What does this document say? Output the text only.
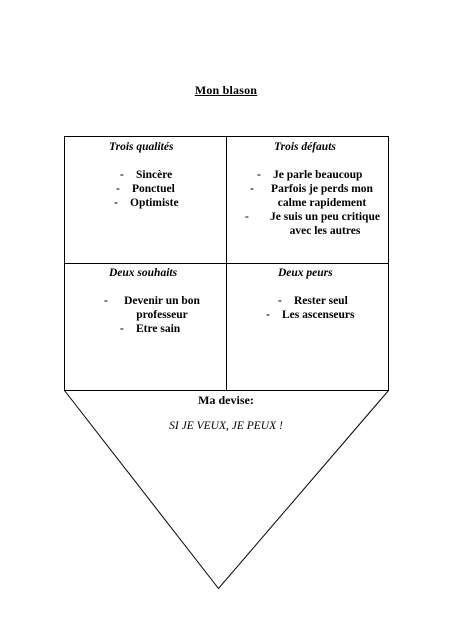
Mon blason
Trois qualités
-	Sincère
-	Ponctuel
-	Optimiste
Trois défauts
-	Je parle beaucoup
-	Parfois je perds mon calme rapidement
-	Je suis un peu critique avec les autres
Deux souhaits
-	Devenir un bon professeur
-	Etre sain
Deux peurs
-	Rester seul
-	Les ascenseurs
Ma devise:
SI JE VEUX, JE PEUX !
